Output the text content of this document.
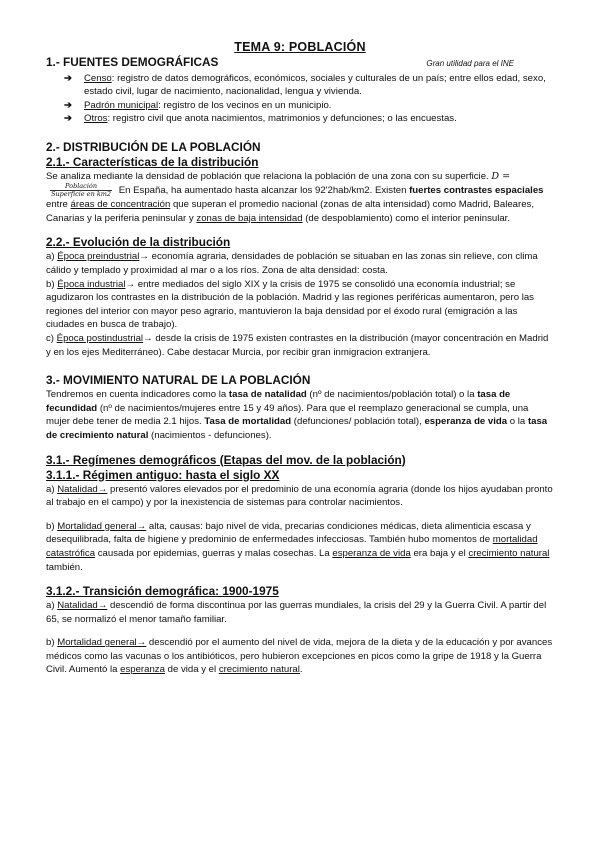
TEMA 9: POBLACIÓN
1.- FUENTES DEMOGRÁFICAS	Gran utilidad para el INE
➔ Censo: registro de datos demográficos, económicos, sociales y culturales de un país; entre ellos edad, sexo, estado civil, lugar de nacimiento, nacionalidad, lengua y vivienda.
➔ Padrón municipal: registro de los vecinos en un municipio.
➔ Otros: registro civil que anota nacimientos, matrimonios y defunciones; o las encuestas.
2.- DISTRIBUCIÓN DE LA POBLACIÓN
2.1.- Características de la distribución

Se analiza mediante la densidad de población que relaciona la población de una zona con su superficie. D =
$\frac{\text{Población}}{\text{Superficie en km2}}$ En España, ha aumentado hasta alcanzar los 92'2hab/km2. Existen fuertes contrastes espaciales entre áreas de concentración que superan el promedio nacional (zonas de alta intensidad) como Madrid, Baleares, Canarias y la periferia peninsular y zonas de baja intensidad (de despoblamiento) como el interior peninsular.

2.2.- Evolución de la distribución

a) Época preindustrial→ economía agraria, densidades de población se situaban en las zonas sin relieve, con clima cálido y templado y proximidad al mar o a los ríos. Zona de alta densidad: costa.

b) Época industrial→ entre mediados del siglo XIX y la crisis de 1975 se consolidó una economía industrial; se agudizaron los contrastes en la distribución de la población. Madrid y las regiones periféricas aumentaron, pero las regiones del interior con mayor peso agrario, mantuvieron la baja densidad por el éxodo rural (emigración a las ciudades en busca de trabajo).

c) Época postindustrial→ desde la crisis de 1975 existen contrastes en la distribución (mayor concentración en Madrid y en los ejes Mediterráneo). Cabe destacar Murcia, por recibir gran inmigracion extranjera.

3.- MOVIMIENTO NATURAL DE LA POBLACIÓN

Tendremos en cuenta indicadores como la tasa de natalidad (nº de nacimientos/población total) o la tasa de fecundidad (nº de nacimientos/mujeres entre 15 y 49 años). Para que el reemplazo generacional se cumpla, una mujer debe tener de media 2.1 hijos. Tasa de mortalidad (defunciones/ población total), esperanza de vida o la tasa de crecimiento natural (nacimientos - defunciones).

3.1.- Regímenes demográficos (Etapas del mov. de la población)
3.1.1.- Régimen antiguo: hasta el siglo XX

a) Natalidad→ presentó valores elevados por el predominio de una economía agraria (donde los hijos ayudaban pronto al trabajo en el campo) y por la inexistencia de sistemas para controlar nacimientos.

b) Mortalidad general→ alta, causas: bajo nivel de vida, precarias condiciones médicas, dieta alimenticia escasa y desequilibrada, falta de higiene y predominio de enfermedades infecciosas. También hubo momentos de mortalidad catastrófica causada por epidemias, guerras y malas cosechas. La esperanza de vida era baja y el crecimiento natural también.

3.1.2.- Transición demográfica: 1900-1975

a) Natalidad→ descendió de forma discontinua por las guerras mundiales, la crisis del 29 y la Guerra Civil. A partir del 65, se normalizó el menor tamaño familiar.

b) Mortalidad general→ descendió por el aumento del nivel de vida, mejora de la dieta y de la educación y por avances médicos como las vacunas o los antibióticos, pero hubieron excepciones en picos como la gripe de 1918 y la Guerra Civil. Aumentó la esperanza de vida y el crecimiento natural.
